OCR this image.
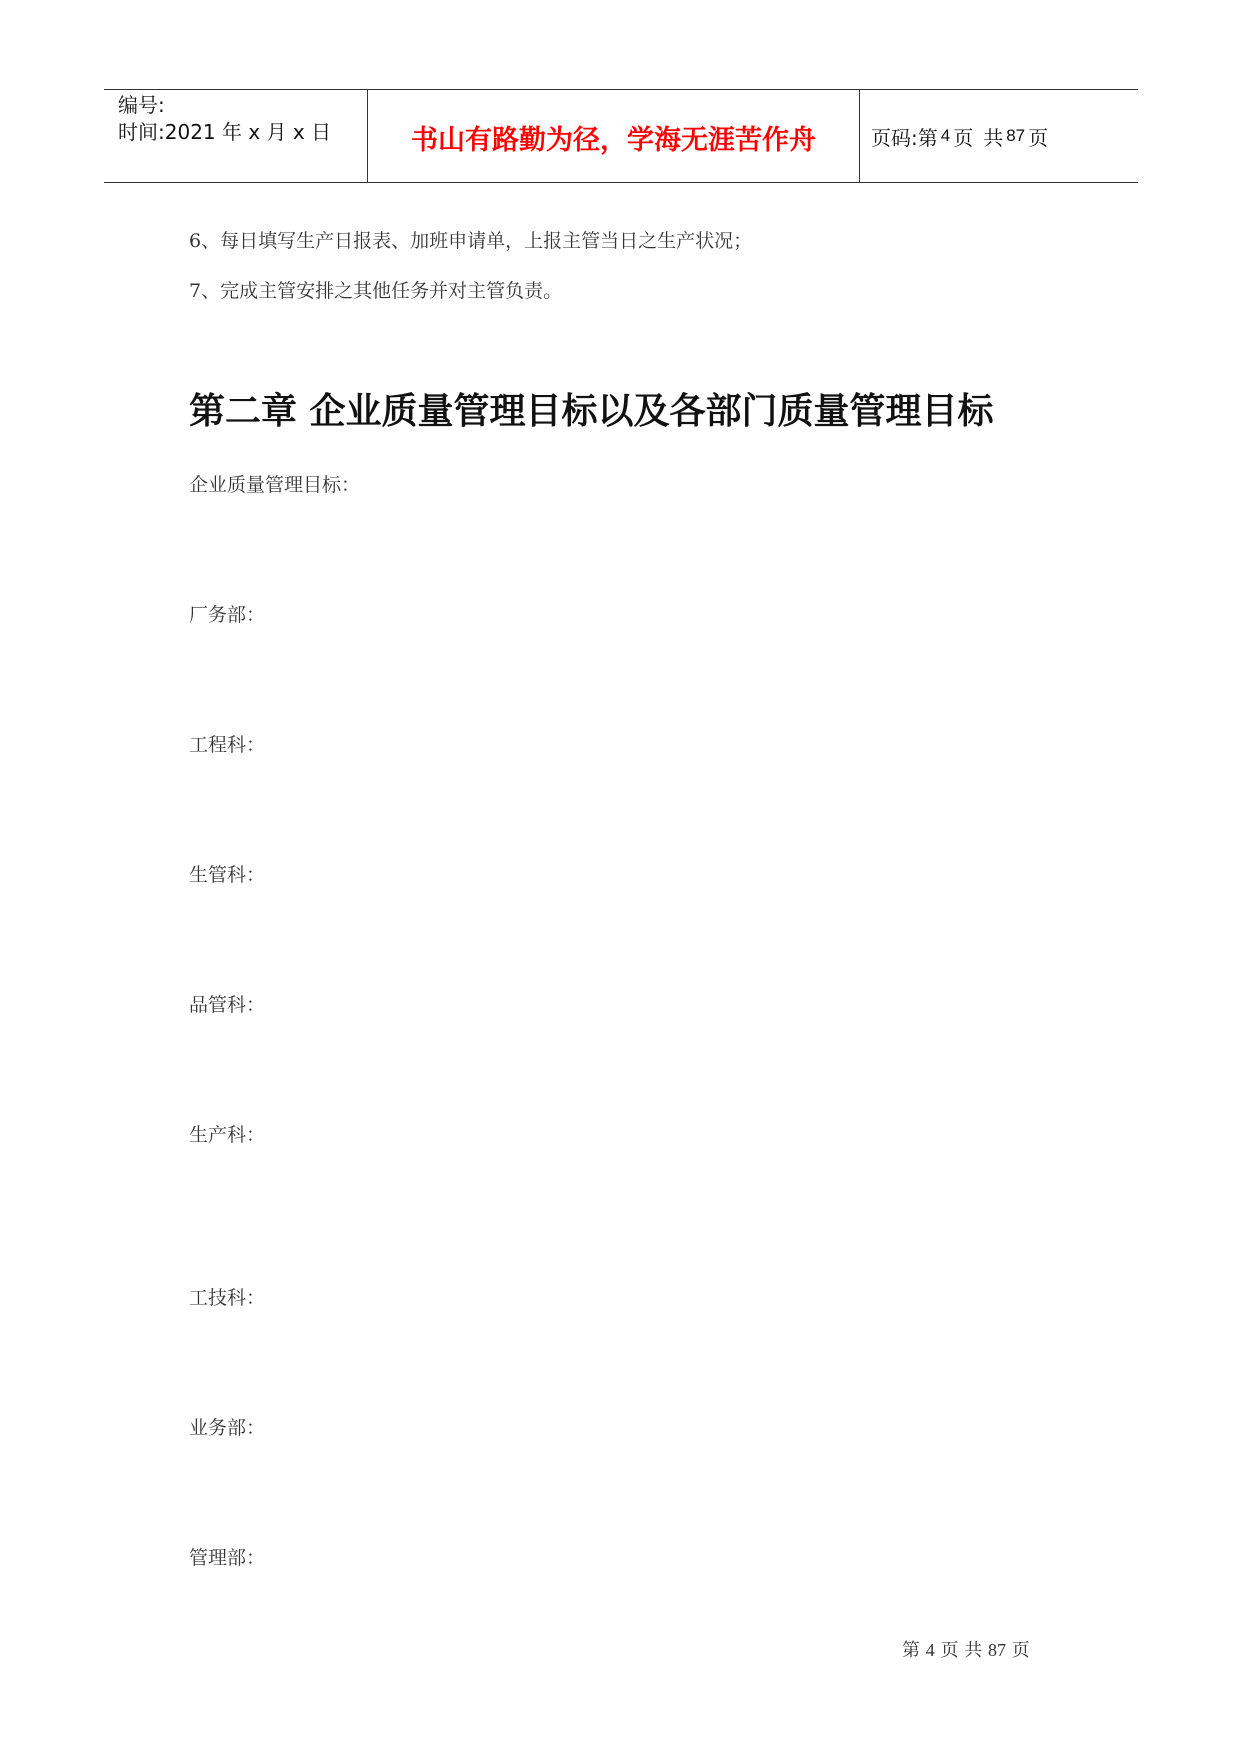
编号:
时间:2021 年 x 月 x 日	书山有路勤为径，学海无涯苦作舟	页码: 第 4 页 共 87 页
6、每日填写生产日报表、加班申请单，上报主管当日之生产状况；
7、完成主管安排之其他任务并对主管负责。
第二章 企业质量管理目标以及各部门质量管理目标
企业质量管理目标：
厂务部：
工程科：
生管科：
品管科：
生产科：
工技科：
业务部：
管理部：
第 4 页 共 87 页
